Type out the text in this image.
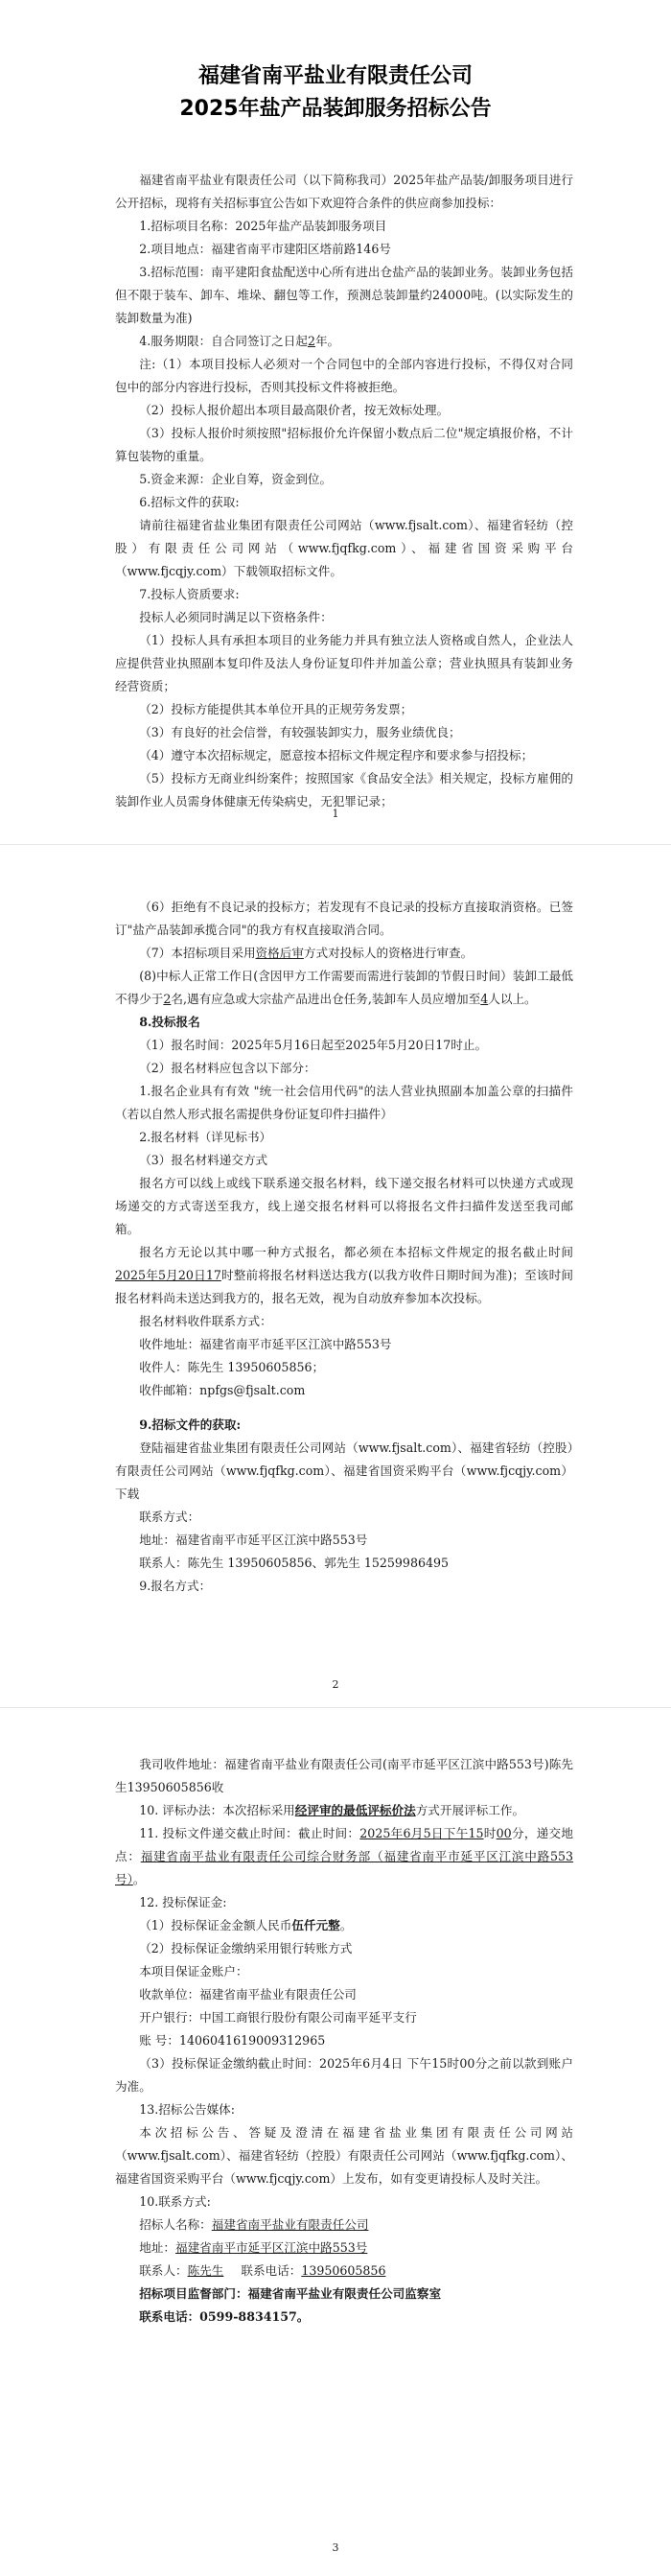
福建省南平盐业有限责任公司
2025年盐产品装卸服务招标公告

福建省南平盐业有限责任公司（以下简称我司）2025年盐产品装/卸服务项目进行公开招标，现将有关招标事宜公告如下欢迎符合条件的供应商参加投标：

1.招标项目名称：2025年盐产品装卸服务项目

2.项目地点：福建省南平市建阳区塔前路146号

3.招标范围：南平建阳食盐配送中心所有进出仓盐产品的装卸业务。装卸业务包括但不限于装车、卸车、堆垛、翻包等工作，预测总装卸量约24000吨。(以实际发生的装卸数量为准)

4.服务期限：自合同签订之日起2年。

注:（1）本项目投标人必须对一个合同包中的全部内容进行投标，不得仅对合同包中的部分内容进行投标，否则其投标文件将被拒绝。

（2）投标人报价超出本项目最高限价者，按无效标处理。

（3）投标人报价时须按照"招标报价允许保留小数点后二位"规定填报价格，不计算包装物的重量。

5.资金来源：企业自筹，资金到位。

6.招标文件的获取:

请前往福建省盐业集团有限责任公司网站（www.fjsalt.com）、福建省轻纺（控股）有限责任公司网站（www.fjqfkg.com）、福建省国资采购平台（www.fjcqjy.com）下载领取招标文件。

7.投标人资质要求:

投标人必须同时满足以下资格条件：

（1）投标人具有承担本项目的业务能力并具有独立法人资格或自然人，企业法人应提供营业执照副本复印件及法人身份证复印件并加盖公章；营业执照具有装卸业务经营资质；

（2）投标方能提供其本单位开具的正规劳务发票；

（3）有良好的社会信誉，有较强装卸实力，服务业绩优良；

（4）遵守本次招标规定，愿意按本招标文件规定程序和要求参与招投标；

（5）投标方无商业纠纷案件；按照国家《食品安全法》相关规定，投标方雇佣的装卸作业人员需身体健康无传染病史，无犯罪记录；

1

（6）拒绝有不良记录的投标方；若发现有不良记录的投标方直接取消资格。已签订"盐产品装卸承揽合同"的我方有权直接取消合同。

（7）本招标项目采用资格后审方式对投标人的资格进行审查。

(8)中标人正常工作日(含因甲方工作需要而需进行装卸的节假日时间）装卸工最低不得少于2名,遇有应急或大宗盐产品进出仓任务,装卸车人员应增加至4人以上。

8.投标报名

（1）报名时间：2025年5月16日起至2025年5月20日17时止。

（2）报名材料应包含以下部分：

1.报名企业具有有效 "统一社会信用代码"的法人营业执照副本加盖公章的扫描件（若以自然人形式报名需提供身份证复印件扫描件）

2.报名材料（详见标书）

（3）报名材料递交方式

报名方可以线上或线下联系递交报名材料，线下递交报名材料可以快递方式或现场递交的方式寄送至我方，线上递交报名材料可以将报名文件扫描件发送至我司邮箱。

报名方无论以其中哪一种方式报名，都必须在本招标文件规定的报名截止时间2025年5月20日17时整前将报名材料送达我方(以我方收件日期时间为准)；至该时间报名材料尚未送达到我方的，报名无效，视为自动放弃参加本次投标。

报名材料收件联系方式：

收件地址：福建省南平市延平区江滨中路553号

收件人：陈先生 13950605856；

收件邮箱：npfgs@fjsalt.com

9.招标文件的获取:

登陆福建省盐业集团有限责任公司网站（www.fjsalt.com）、福建省轻纺（控股）有限责任公司网站（www.fjqfkg.com）、福建省国资采购平台（www.fjcqjy.com）下载

联系方式：

地址：福建省南平市延平区江滨中路553号

联系人：陈先生 13950605856、郭先生 15259986495

9.报名方式：

2

我司收件地址：福建省南平盐业有限责任公司(南平市延平区江滨中路553号)陈先生13950605856收

10. 评标办法：本次招标采用经评审的最低评标价法方式开展评标工作。

11. 投标文件递交截止时间：截止时间：2025年6月5日下午15时00分，递交地点：福建省南平盐业有限责任公司综合财务部（福建省南平市延平区江滨中路553号）。

12. 投标保证金:

（1）投标保证金金额人民币伍仟元整。

（2）投标保证金缴纳采用银行转账方式

本项目保证金账户：

收款单位：福建省南平盐业有限责任公司

开户银行：中国工商银行股份有限公司南平延平支行

账 号：1406041619009312965

（3）投标保证金缴纳截止时间：2025年6月4日 下午15时00分之前以款到账户为准。

13.招标公告媒体:

本次招标公告、答疑及澄清在福建省盐业集团有限责任公司网站（www.fjsalt.com）、福建省轻纺（控股）有限责任公司网站（www.fjqfkg.com）、福建省国资采购平台（www.fjcqjy.com）上发布，如有变更请投标人及时关注。

10.联系方式:

招标人名称：福建省南平盐业有限责任公司

地址：福建省南平市延平区江滨中路553号

联系人：陈先生 联系电话：13950605856

招标项目监督部门：福建省南平盐业有限责任公司监察室

联系电话：0599-8834157。

3
